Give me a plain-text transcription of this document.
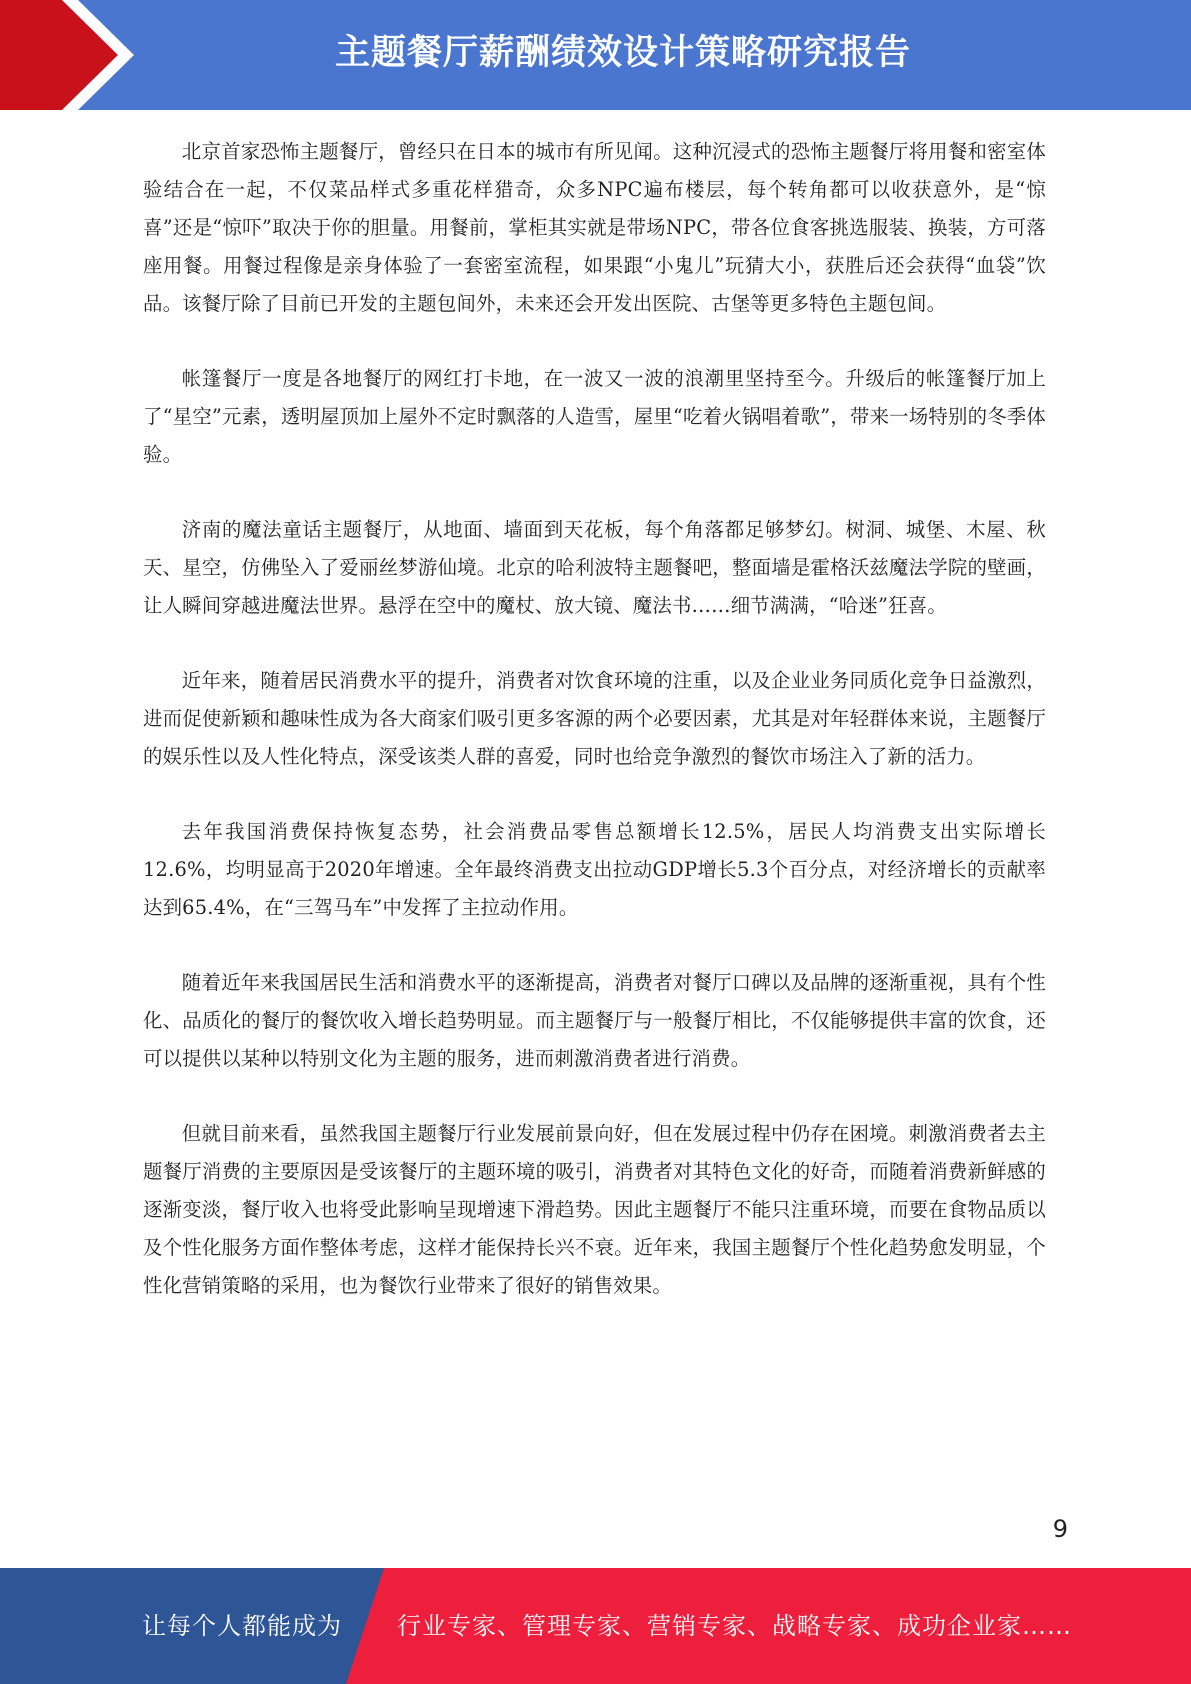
主题餐厅薪酬绩效设计策略研究报告

北京首家恐怖主题餐厅，曾经只在日本的城市有所见闻。这种沉浸式的恐怖主题餐厅将用餐和密室体验结合在一起，不仅菜品样式多重花样猎奇，众多NPC遍布楼层，每个转角都可以收获意外，是“惊喜”还是“惊吓”取决于你的胆量。用餐前，掌柜其实就是带场NPC，带各位食客挑选服装、换装，方可落座用餐。用餐过程像是亲身体验了一套密室流程，如果跟“小鬼儿”玩猜大小，获胜后还会获得“血袋”饮品。该餐厅除了目前已开发的主题包间外，未来还会开发出医院、古堡等更多特色主题包间。

帐篷餐厅一度是各地餐厅的网红打卡地，在一波又一波的浪潮里坚持至今。升级后的帐篷餐厅加上了“星空”元素，透明屋顶加上屋外不定时飘落的人造雪，屋里“吃着火锅唱着歌”，带来一场特别的冬季体验。

济南的魔法童话主题餐厅，从地面、墙面到天花板，每个角落都足够梦幻。树洞、城堡、木屋、秋天、星空，仿佛坠入了爱丽丝梦游仙境。北京的哈利波特主题餐吧，整面墙是霍格沃兹魔法学院的壁画，让人瞬间穿越进魔法世界。悬浮在空中的魔杖、放大镜、魔法书……细节满满，“哈迷”狂喜。

近年来，随着居民消费水平的提升，消费者对饮食环境的注重，以及企业业务同质化竞争日益激烈，进而促使新颖和趣味性成为各大商家们吸引更多客源的两个必要因素，尤其是对年轻群体来说，主题餐厅的娱乐性以及人性化特点，深受该类人群的喜爱，同时也给竞争激烈的餐饮市场注入了新的活力。

去年我国消费保持恢复态势，社会消费品零售总额增长12.5%，居民人均消费支出实际增长12.6%，均明显高于2020年增速。全年最终消费支出拉动GDP增长5.3个百分点，对经济增长的贡献率达到65.4%，在“三驾马车”中发挥了主拉动作用。

随着近年来我国居民生活和消费水平的逐渐提高，消费者对餐厅口碑以及品牌的逐渐重视，具有个性化、品质化的餐厅的餐饮收入增长趋势明显。而主题餐厅与一般餐厅相比，不仅能够提供丰富的饮食，还可以提供以某种以特别文化为主题的服务，进而刺激消费者进行消费。

但就目前来看，虽然我国主题餐厅行业发展前景向好，但在发展过程中仍存在困境。刺激消费者去主题餐厅消费的主要原因是受该餐厅的主题环境的吸引，消费者对其特色文化的好奇，而随着消费新鲜感的逐渐变淡，餐厅收入也将受此影响呈现增速下滑趋势。因此主题餐厅不能只注重环境，而要在食物品质以及个性化服务方面作整体考虑，这样才能保持长兴不衰。近年来，我国主题餐厅个性化趋势愈发明显，个性化营销策略的采用，也为餐饮行业带来了很好的销售效果。

9
让每个人都能成为 行业专家、管理专家、营销专家、战略专家、成功企业家……
